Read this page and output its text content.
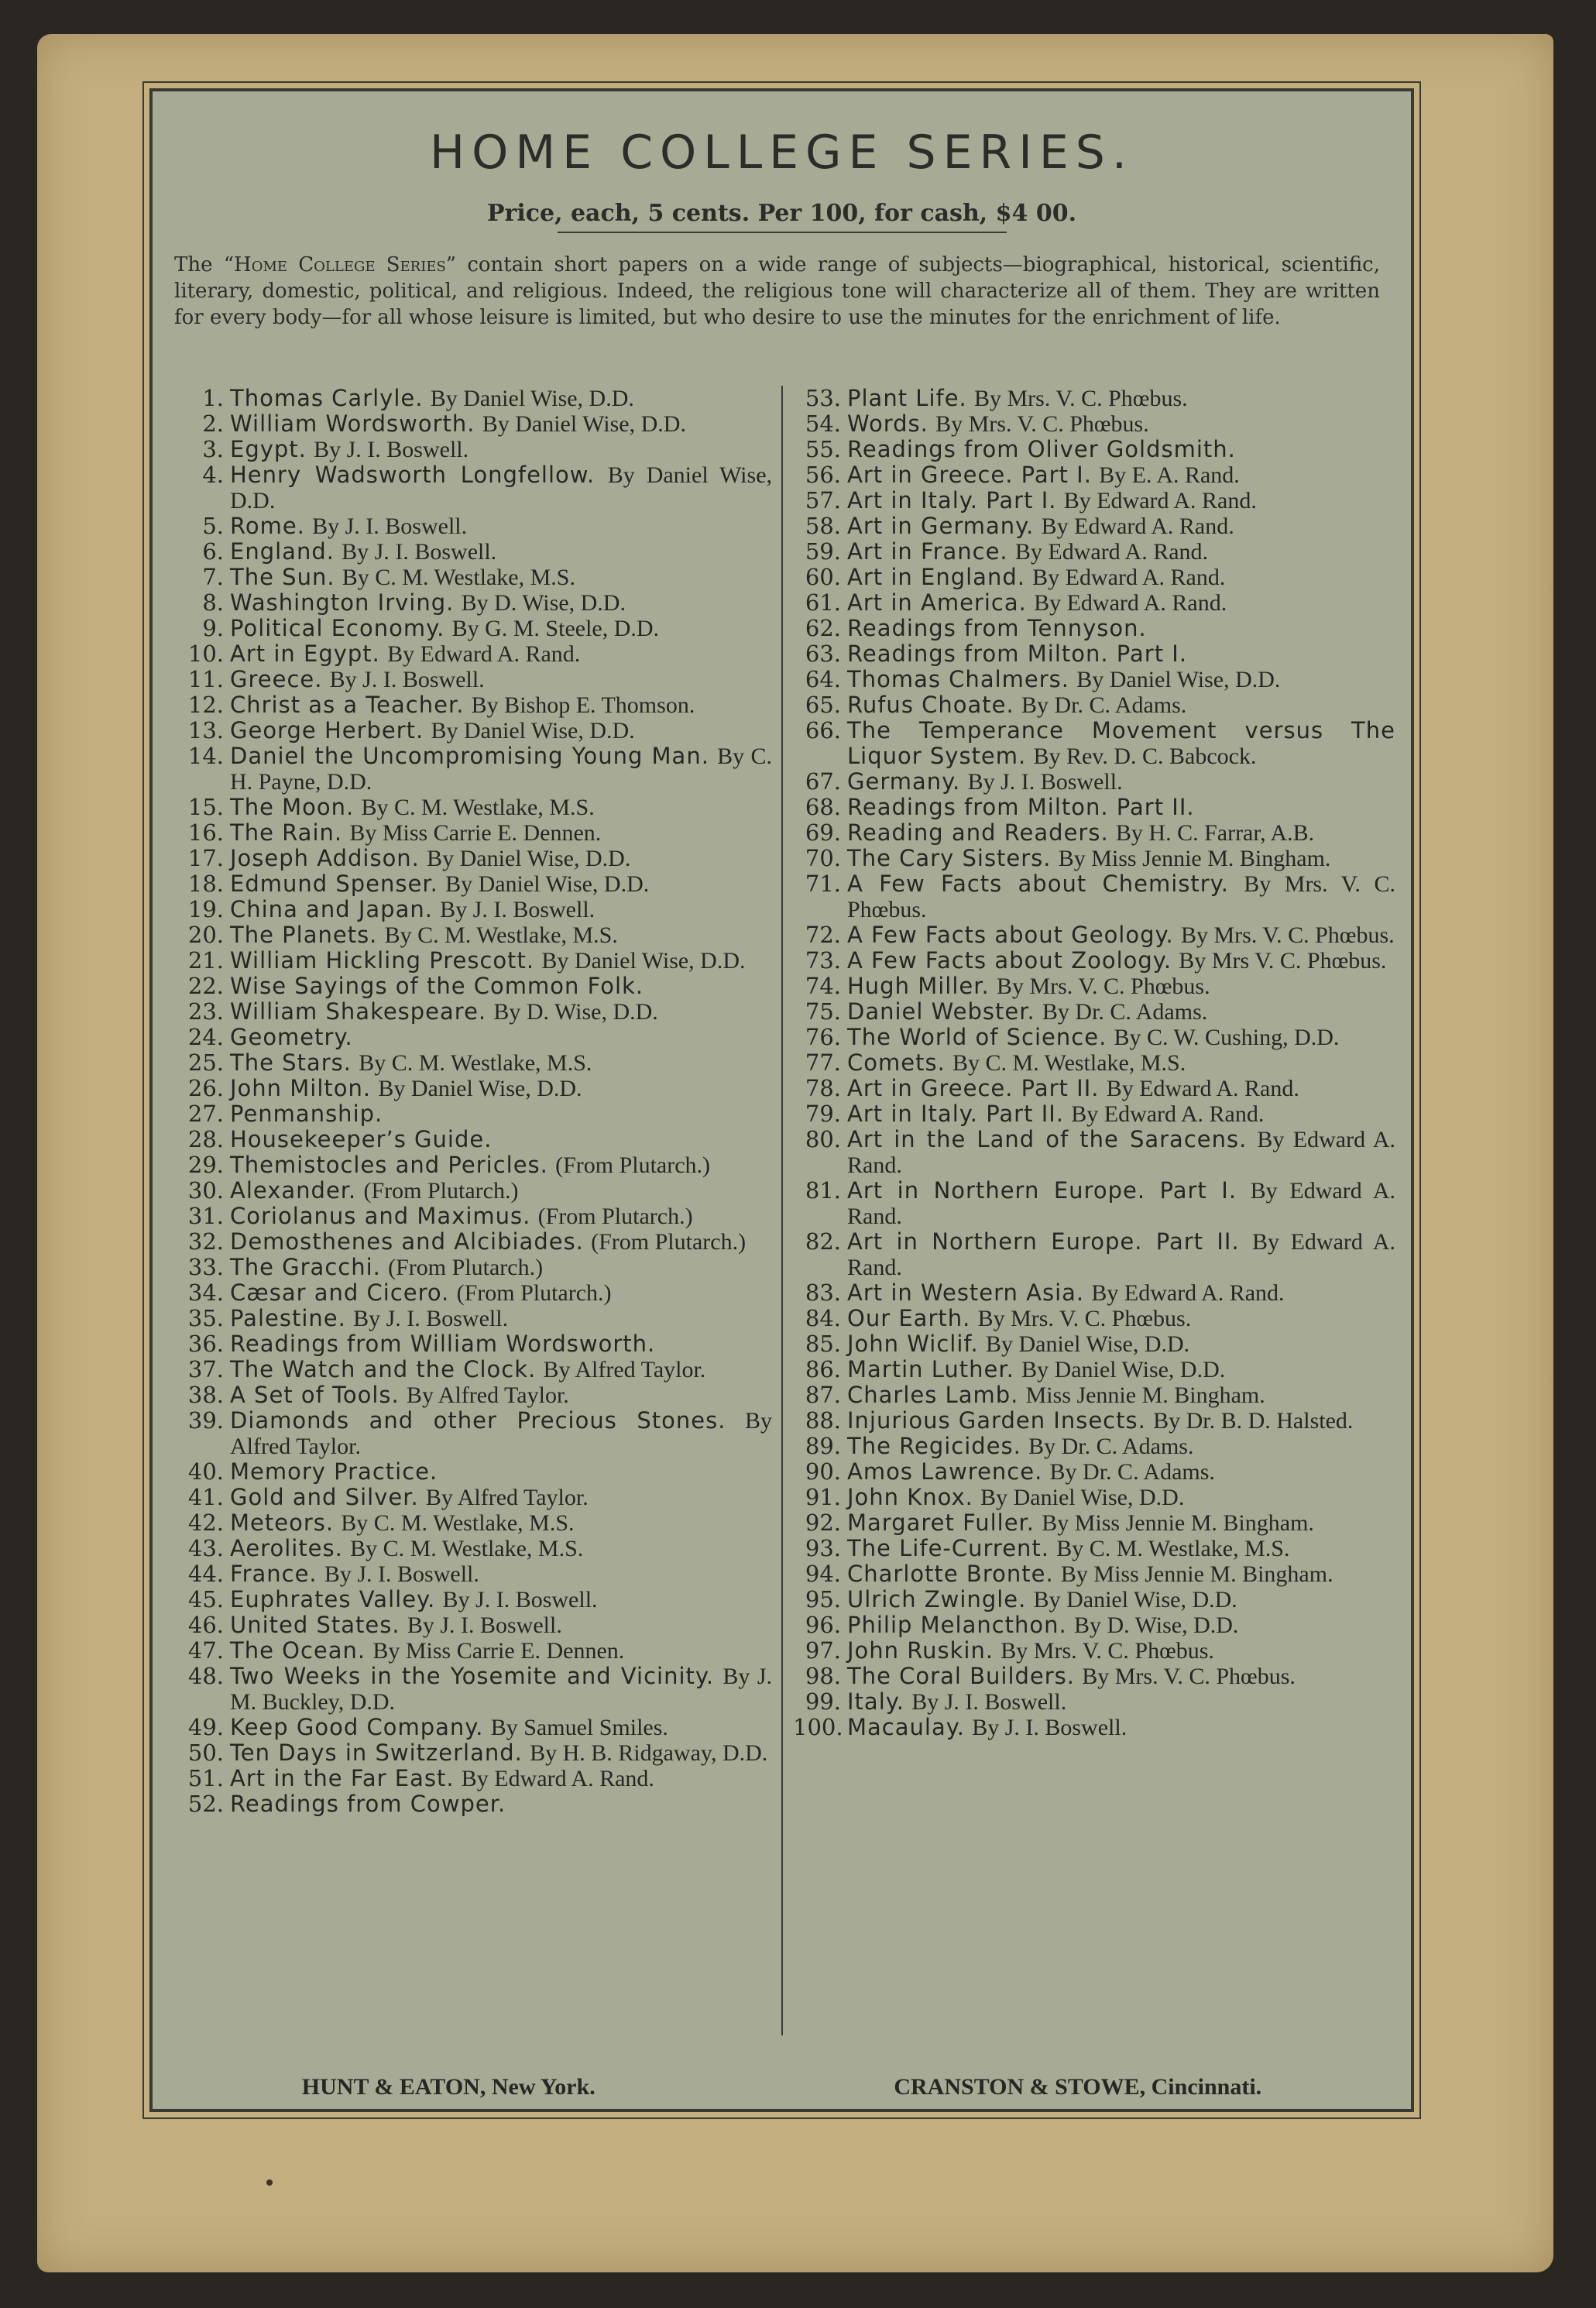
HOME COLLEGE SERIES.
Price, each, 5 cents. Per 100, for cash, $4 00.
The “Home College Series” contain short papers on a wide range of subjects—biographical, historical, scientific, literary, domestic, political, and religious. Indeed, the religious tone will characterize all of them. They are written for every body—for all whose leisure is limited, but who desire to use the minutes for the enrichment of life.
1. Thomas Carlyle. By Daniel Wise, D.D.
2. William Wordsworth. By Daniel Wise, D.D.
3. Egypt. By J. I. Boswell.
4. Henry Wadsworth Longfellow. By Daniel Wise, D.D.
5. Rome. By J. I. Boswell.
6. England. By J. I. Boswell.
7. The Sun. By C. M. Westlake, M.S.
8. Washington Irving. By D. Wise, D.D.
9. Political Economy. By G. M. Steele, D.D.
10. Art in Egypt. By Edward A. Rand.
11. Greece. By J. I. Boswell.
12. Christ as a Teacher. By Bishop E. Thomson.
13. George Herbert. By Daniel Wise, D.D.
14. Daniel the Uncompromising Young Man. By C. H. Payne, D.D.
15. The Moon. By C. M. Westlake, M.S.
16. The Rain. By Miss Carrie E. Dennen.
17. Joseph Addison. By Daniel Wise, D.D.
18. Edmund Spenser. By Daniel Wise, D.D.
19. China and Japan. By J. I. Boswell.
20. The Planets. By C. M. Westlake, M.S.
21. William Hickling Prescott. By Daniel Wise, D.D.
22. Wise Sayings of the Common Folk.
23. William Shakespeare. By D. Wise, D.D.
24. Geometry.
25. The Stars. By C. M. Westlake, M.S.
26. John Milton. By Daniel Wise, D.D.
27. Penmanship.
28. Housekeeper’s Guide.
29. Themistocles and Pericles. (From Plutarch.)
30. Alexander. (From Plutarch.)
31. Coriolanus and Maximus. (From Plutarch.)
32. Demosthenes and Alcibiades. (From Plutarch.)
33. The Gracchi. (From Plutarch.)
34. Cæsar and Cicero. (From Plutarch.)
35. Palestine. By J. I. Boswell.
36. Readings from William Wordsworth.
37. The Watch and the Clock. By Alfred Taylor.
38. A Set of Tools. By Alfred Taylor.
39. Diamonds and other Precious Stones. By Alfred Taylor.
40. Memory Practice.
41. Gold and Silver. By Alfred Taylor.
42. Meteors. By C. M. Westlake, M.S.
43. Aerolites. By C. M. Westlake, M.S.
44. France. By J. I. Boswell.
45. Euphrates Valley. By J. I. Boswell.
46. United States. By J. I. Boswell.
47. The Ocean. By Miss Carrie E. Dennen.
48. Two Weeks in the Yosemite and Vicinity. By J. M. Buckley, D.D.
49. Keep Good Company. By Samuel Smiles.
50. Ten Days in Switzerland. By H. B. Ridgaway, D.D.
51. Art in the Far East. By Edward A. Rand.
52. Readings from Cowper.
53. Plant Life. By Mrs. V. C. Phœbus.
54. Words. By Mrs. V. C. Phœbus.
55. Readings from Oliver Goldsmith.
56. Art in Greece. Part I. By E. A. Rand.
57. Art in Italy. Part I. By Edward A. Rand.
58. Art in Germany. By Edward A. Rand.
59. Art in France. By Edward A. Rand.
60. Art in England. By Edward A. Rand.
61. Art in America. By Edward A. Rand.
62. Readings from Tennyson.
63. Readings from Milton. Part I.
64. Thomas Chalmers. By Daniel Wise, D.D.
65. Rufus Choate. By Dr. C. Adams.
66. The Temperance Movement versus The Liquor System. By Rev. D. C. Babcock.
67. Germany. By J. I. Boswell.
68. Readings from Milton. Part II.
69. Reading and Readers. By H. C. Farrar, A.B.
70. The Cary Sisters. By Miss Jennie M. Bingham.
71. A Few Facts about Chemistry. By Mrs. V. C. Phœbus.
72. A Few Facts about Geology. By Mrs. V. C. Phœbus.
73. A Few Facts about Zoology. By Mrs V. C. Phœbus.
74. Hugh Miller. By Mrs. V. C. Phœbus.
75. Daniel Webster. By Dr. C. Adams.
76. The World of Science. By C. W. Cushing, D.D.
77. Comets. By C. M. Westlake, M.S.
78. Art in Greece. Part II. By Edward A. Rand.
79. Art in Italy. Part II. By Edward A. Rand.
80. Art in the Land of the Saracens. By Edward A. Rand.
81. Art in Northern Europe. Part I. By Edward A. Rand.
82. Art in Northern Europe. Part II. By Edward A. Rand.
83. Art in Western Asia. By Edward A. Rand.
84. Our Earth. By Mrs. V. C. Phœbus.
85. John Wiclif. By Daniel Wise, D.D.
86. Martin Luther. By Daniel Wise, D.D.
87. Charles Lamb. Miss Jennie M. Bingham.
88. Injurious Garden Insects. By Dr. B. D. Halsted.
89. The Regicides. By Dr. C. Adams.
90. Amos Lawrence. By Dr. C. Adams.
91. John Knox. By Daniel Wise, D.D.
92. Margaret Fuller. By Miss Jennie M. Bingham.
93. The Life-Current. By C. M. Westlake, M.S.
94. Charlotte Bronte. By Miss Jennie M. Bingham.
95. Ulrich Zwingle. By Daniel Wise, D.D.
96. Philip Melancthon. By D. Wise, D.D.
97. John Ruskin. By Mrs. V. C. Phœbus.
98. The Coral Builders. By Mrs. V. C. Phœbus.
99. Italy. By J. I. Boswell.
100. Macaulay. By J. I. Boswell.
HUNT & EATON, New York.	CRANSTON & STOWE, Cincinnati.
